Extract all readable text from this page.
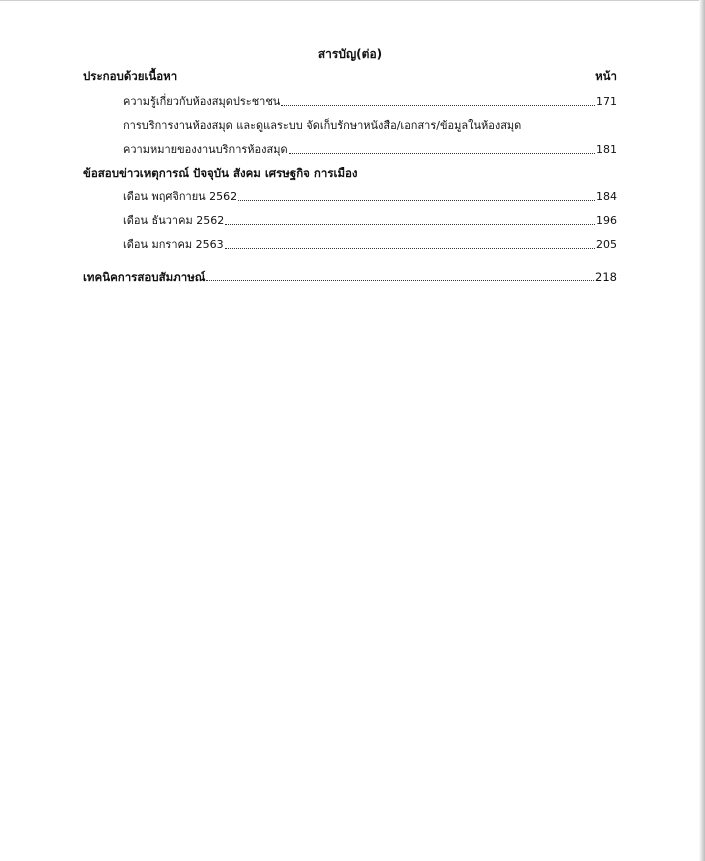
สารบัญ(ต่อ)
ประกอบด้วยเนื้อหา	หน้า
ความรู้เกี่ยวกับห้องสมุดประชาชน	171
การบริการงานห้องสมุด และดูแลระบบ จัดเก็บรักษาหนังสือ/เอกสาร/ข้อมูลในห้องสมุด
ความหมายของงานบริการห้องสมุด	181
ข้อสอบข่าวเหตุการณ์ ปัจจุบัน สังคม เศรษฐกิจ การเมือง
เดือน พฤศจิกายน 2562	184
เดือน ธันวาคม 2562	196
เดือน มกราคม 2563	205
เทคนิคการสอบสัมภาษณ์	218
